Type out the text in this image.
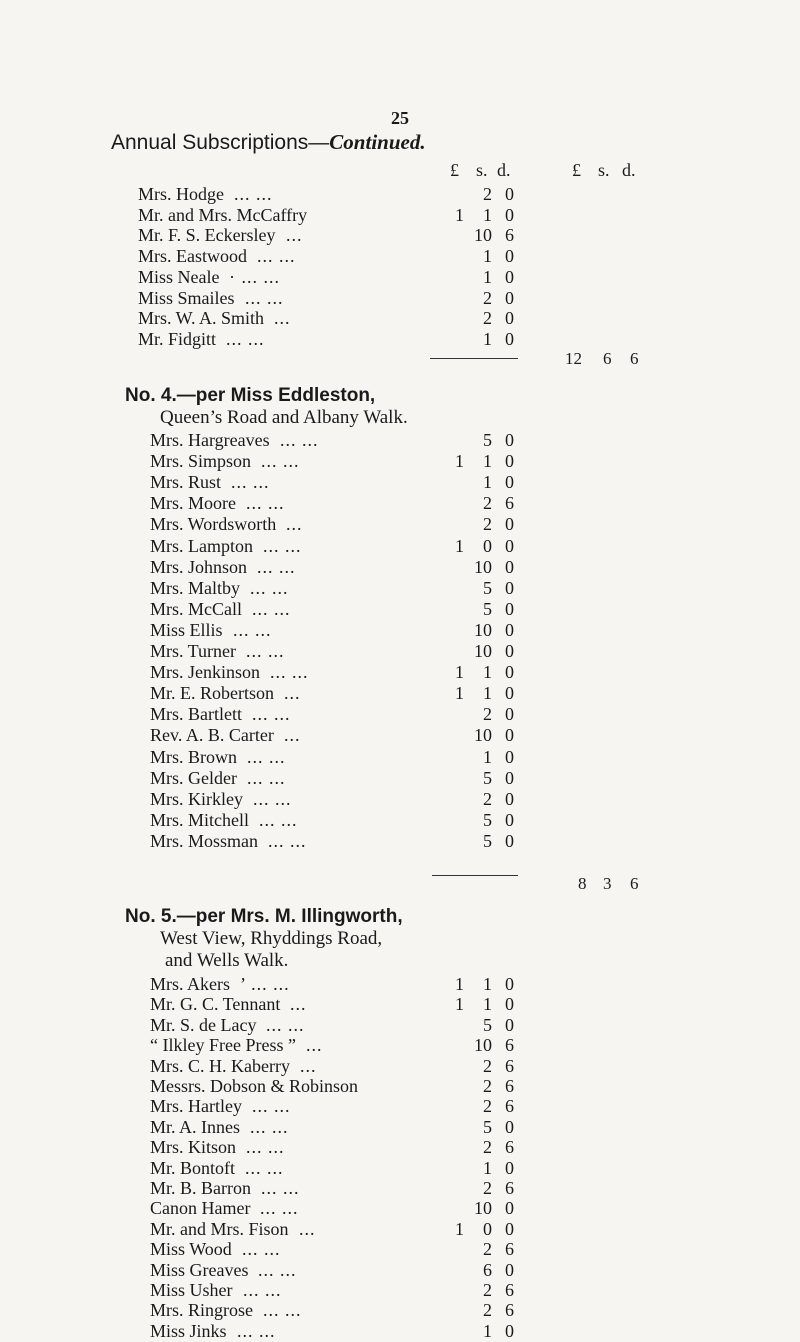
25
Annual Subscriptions—Continued.
£ s. d.	£ s. d.
Mrs. Hodge ... ...	2 0
Mr. and Mrs. McCaffry	1	1 0
Mr. F. S. Eckersley ...	10 6
Mrs. Eastwood ... ...	1 0
Miss Neale · ... ...	1 0
Miss Smailes ... ...	2 0
Mrs. W. A. Smith ...	2 0
Mr. Fidgitt ... ...	1 0
12 6 6
No. 4.—per Miss Eddleston,
Queen’s Road and Albany Walk.
Mrs. Hargreaves ... ...	5 0
Mrs. Simpson ... ...	1	1 0
Mrs. Rust ... ...	1 0
Mrs. Moore ... ...	2 6
Mrs. Wordsworth ...	2 0
Mrs. Lampton ... ...	1	0 0
Mrs. Johnson ... ...	10 0
Mrs. Maltby ... ...	5 0
Mrs. McCall ... ...	5 0
Miss Ellis ... ...	10 0
Mrs. Turner ... ...	10 0
Mrs. Jenkinson ... ...	1	1 0
Mr. E. Robertson ...	1	1 0
Mrs. Bartlett ... ...	2 0
Rev. A. B. Carter ...	10 0
Mrs. Brown ... ...	1 0
Mrs. Gelder ... ...	5 0
Mrs. Kirkley ... ...	2 0
Mrs. Mitchell ... ...	5 0
Mrs. Mossman ... ...	5 0
8 3 6
No. 5.—per Mrs. M. Illingworth,
West View, Rhyddings Road,
and Wells Walk.
Mrs. Akers ’ ... ...	1	1 0
Mr. G. C. Tennant ...	1	1 0
Mr. S. de Lacy ... ...	5 0
“ Ilkley Free Press ” ...	10 6
Mrs. C. H. Kaberry ...	2 6
Messrs. Dobson & Robinson	2 6
Mrs. Hartley ... ...	2 6
Mr. A. Innes ... ...	5 0
Mrs. Kitson ... ...	2 6
Mr. Bontoft ... ...	1 0
Mr. B. Barron ... ...	2 6
Canon Hamer ... ...	10 0
Mr. and Mrs. Fison ...	1	0 0
Miss Wood ... ...	2 6
Miss Greaves ... ...	6 0
Miss Usher ... ...	2 6
Mrs. Ringrose ... ...	2 6
Miss Jinks ... ...	1 0
